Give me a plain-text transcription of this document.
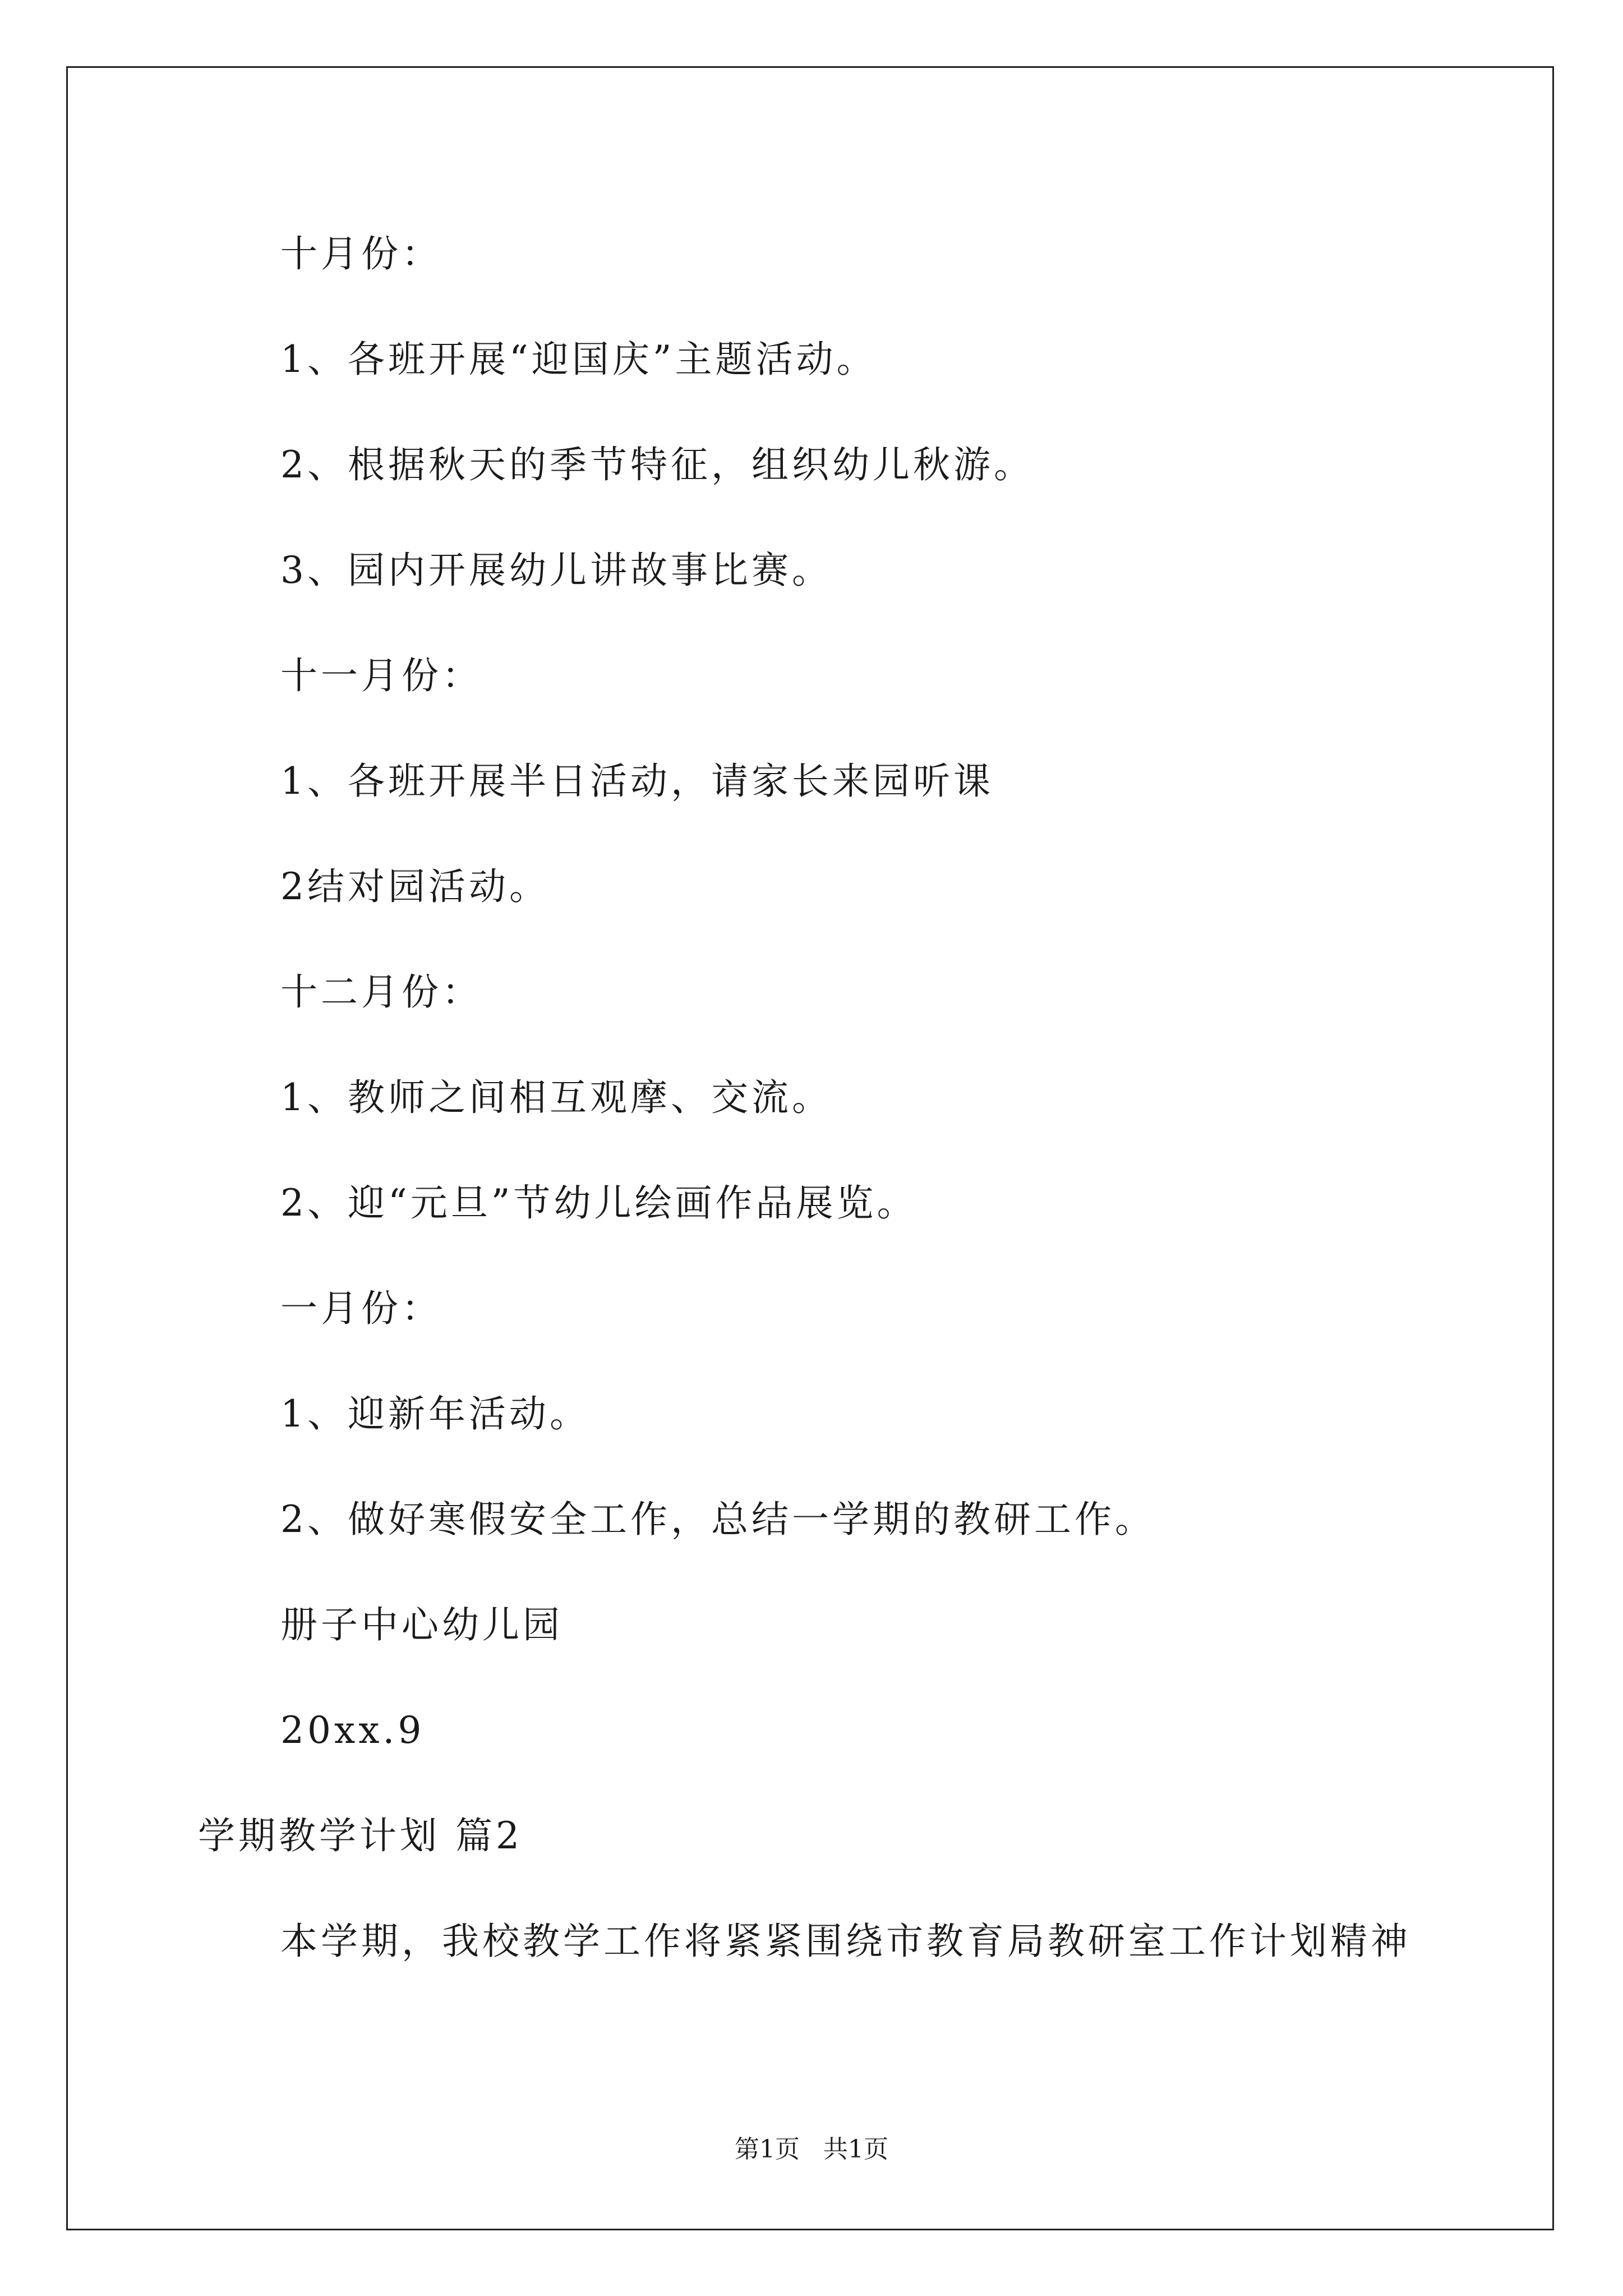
十月份：
1、各班开展“迎国庆”主题活动。
2、根据秋天的季节特征，组织幼儿秋游。
3、园内开展幼儿讲故事比赛。
十一月份：
1、各班开展半日活动，请家长来园听课
2结对园活动。
十二月份：
1、教师之间相互观摩、交流。
2、迎“元旦”节幼儿绘画作品展览。
一月份：
1、迎新年活动。
2、做好寒假安全工作，总结一学期的教研工作。
册子中心幼儿园
20xx.9
学期教学计划 篇2
本学期，我校教学工作将紧紧围绕市教育局教研室工作计划精神
第1页   共1页
